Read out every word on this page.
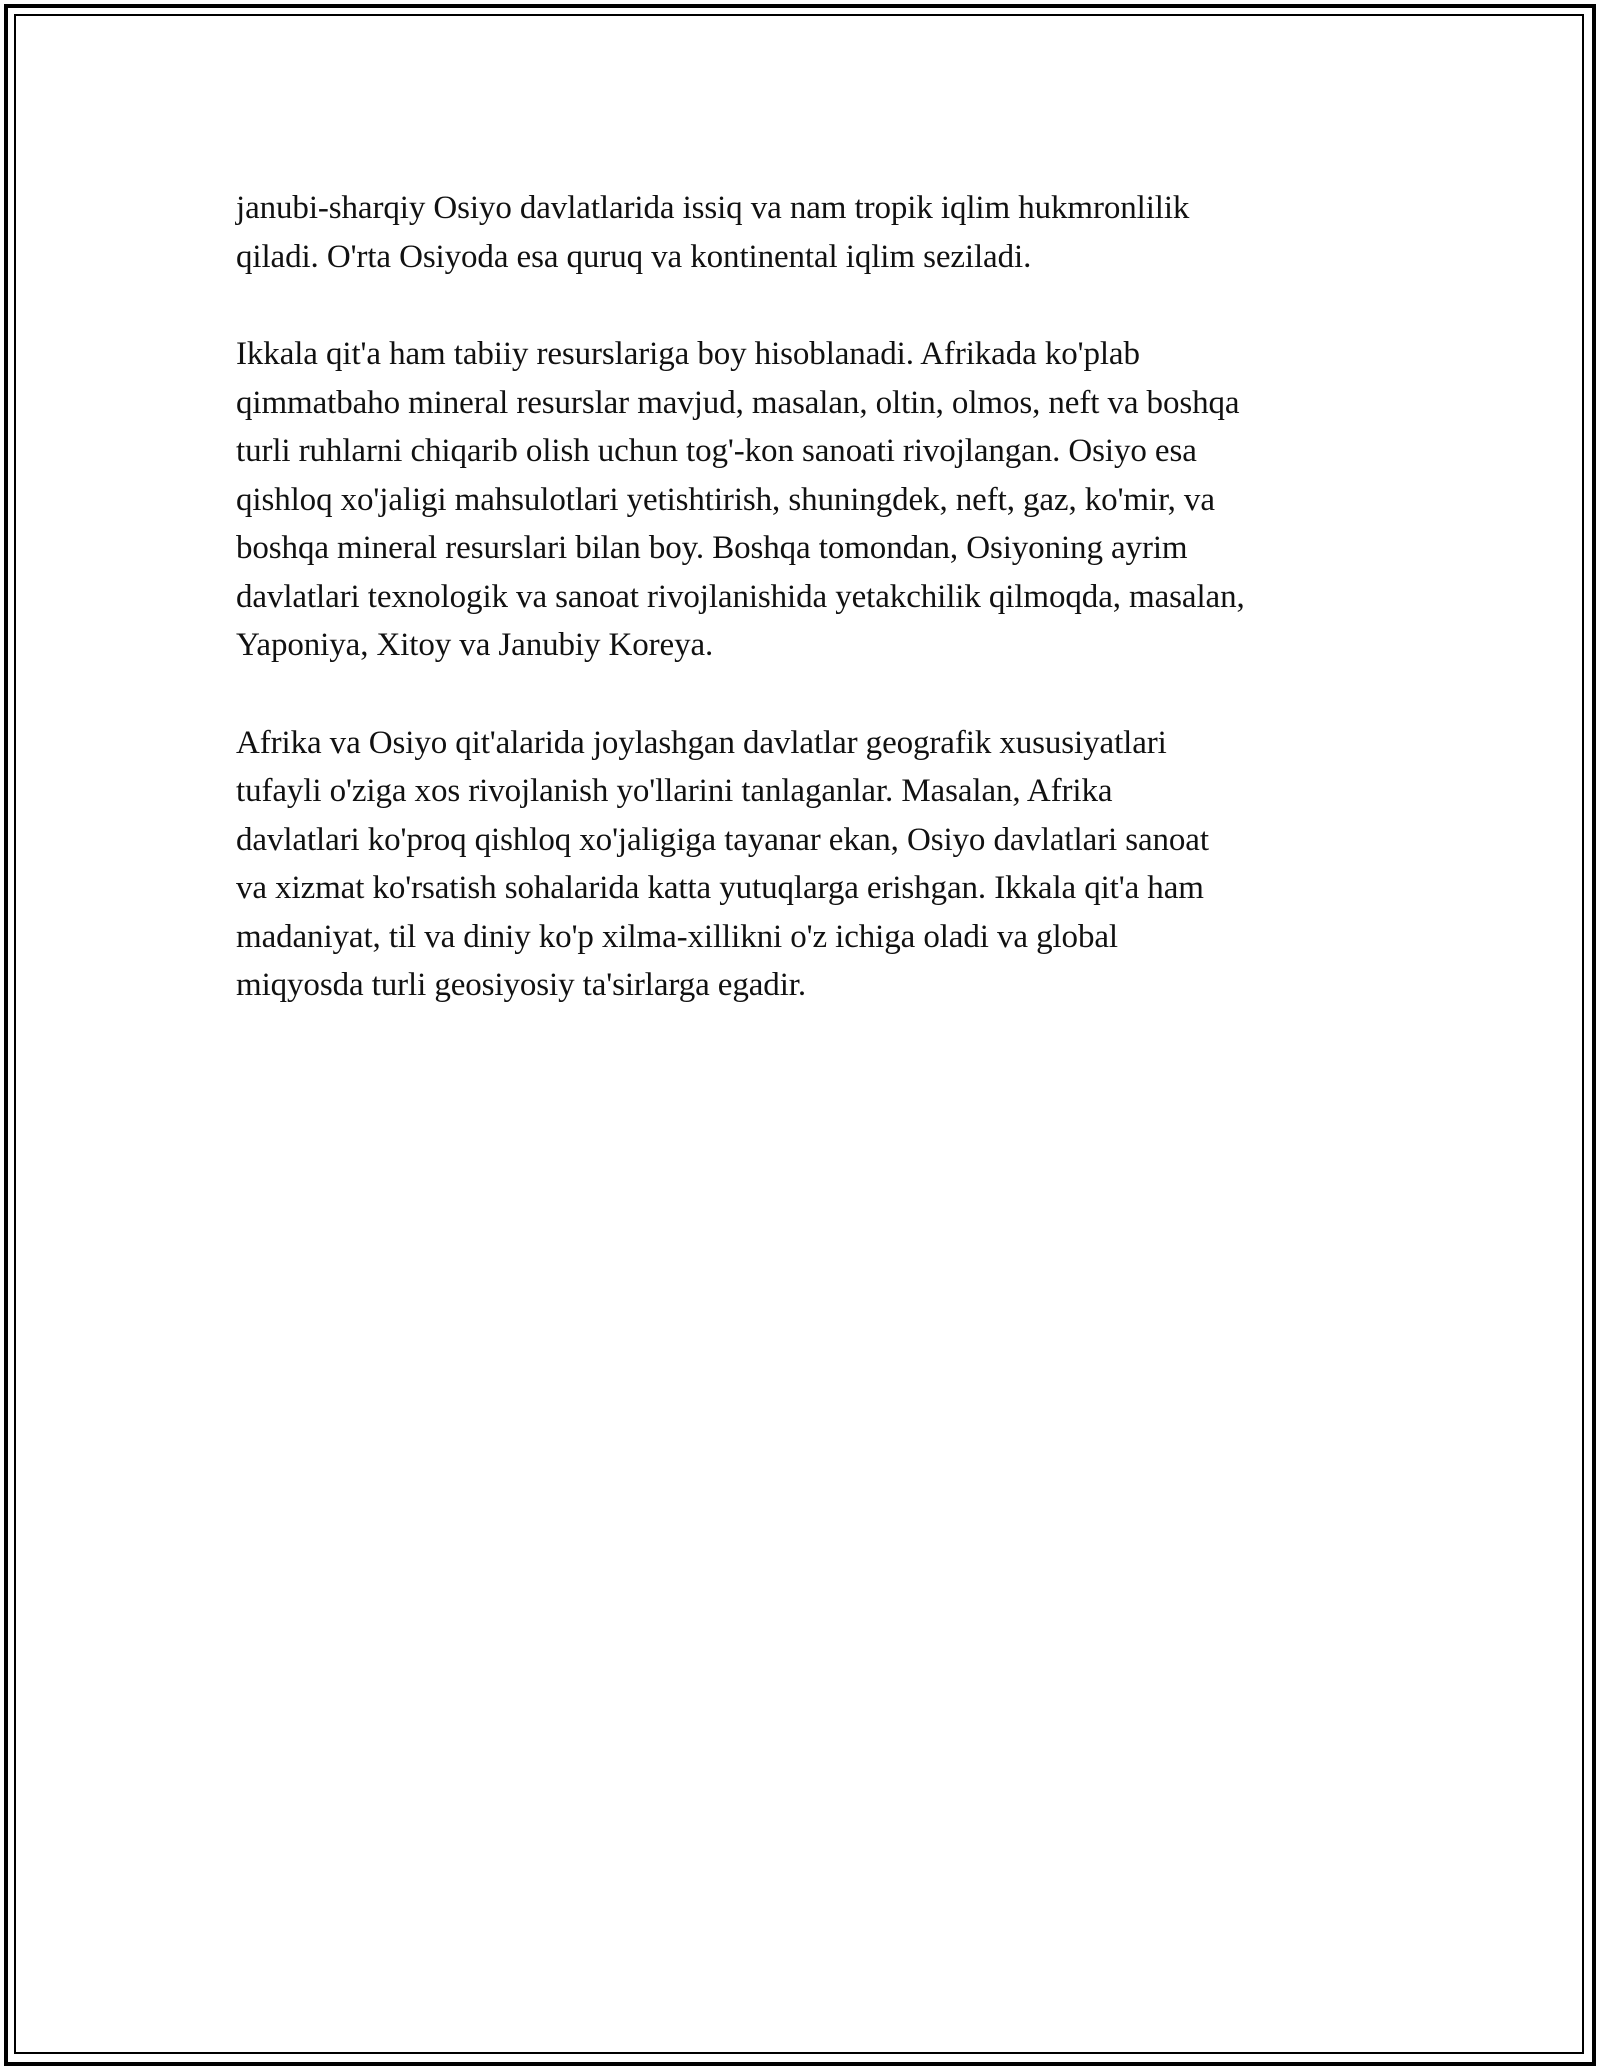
janubi-sharqiy Osiyo davlatlarida issiq va nam tropik iqlim hukmronlilik
qiladi. O'rta Osiyoda esa quruq va kontinental iqlim seziladi.

Ikkala qit'a ham tabiiy resurslariga boy hisoblanadi. Afrikada ko'plab
qimmatbaho mineral resurslar mavjud, masalan, oltin, olmos, neft va boshqa
turli ruhlarni chiqarib olish uchun tog'-kon sanoati rivojlangan. Osiyo esa
qishloq xo'jaligi mahsulotlari yetishtirish, shuningdek, neft, gaz, ko'mir, va
boshqa mineral resurslari bilan boy. Boshqa tomondan, Osiyoning ayrim
davlatlari texnologik va sanoat rivojlanishida yetakchilik qilmoqda, masalan,
Yaponiya, Xitoy va Janubiy Koreya.

Afrika va Osiyo qit'alarida joylashgan davlatlar geografik xususiyatlari
tufayli o'ziga xos rivojlanish yo'llarini tanlaganlar. Masalan, Afrika
davlatlari ko'proq qishloq xo'jaligiga tayanar ekan, Osiyo davlatlari sanoat
va xizmat ko'rsatish sohalarida katta yutuqlarga erishgan. Ikkala qit'a ham
madaniyat, til va diniy ko'p xilma-xillikni o'z ichiga oladi va global
miqyosda turli geosiyosiy ta'sirlarga egadir.
